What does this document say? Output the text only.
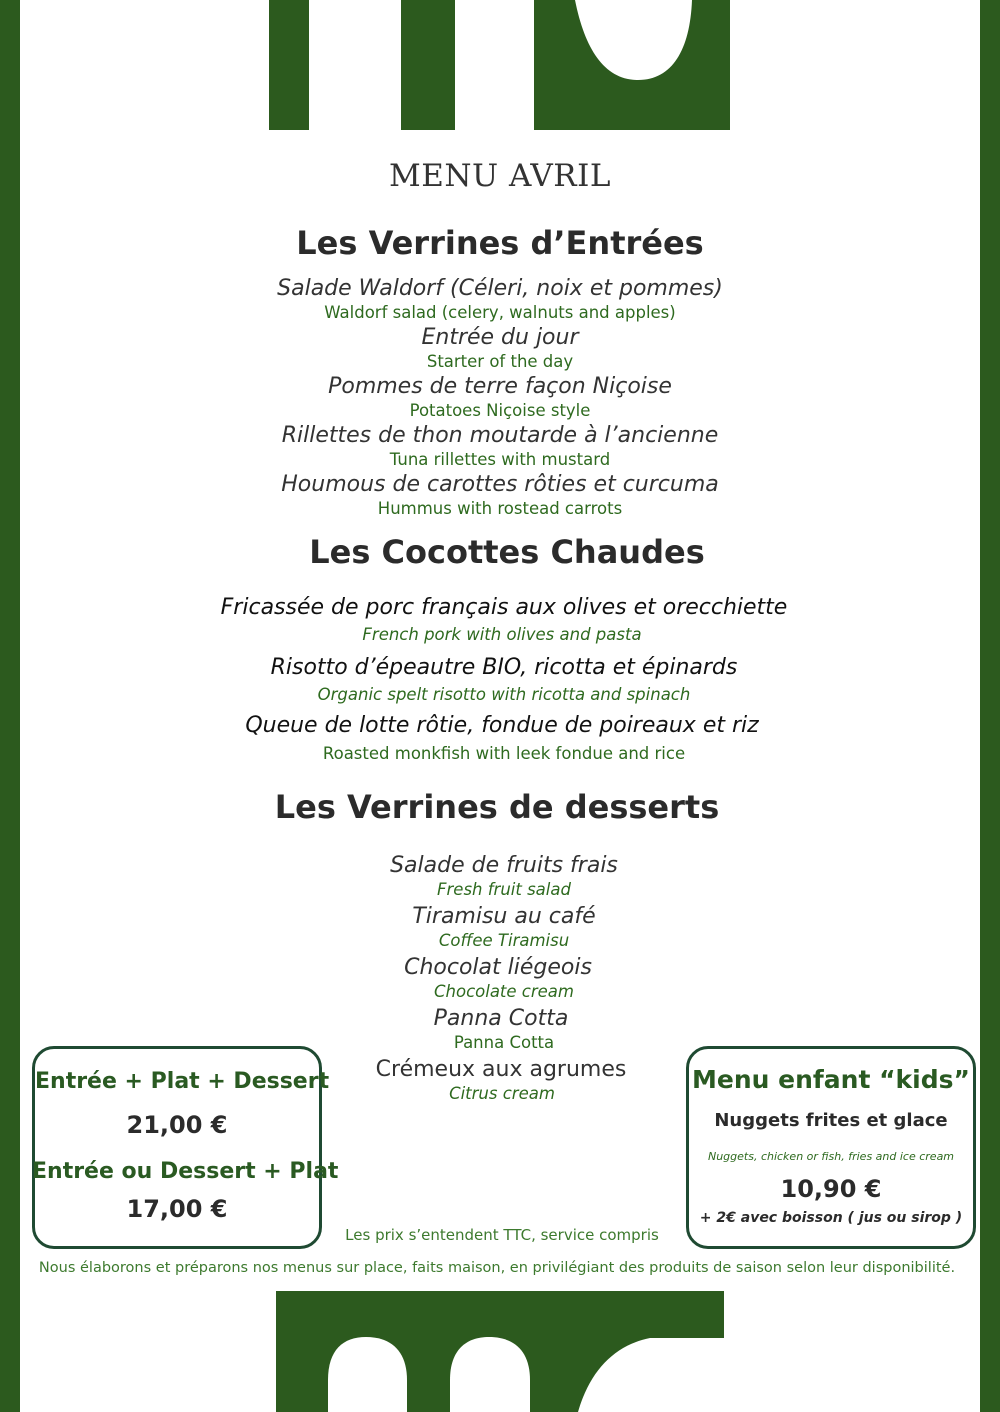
MENU AVRIL
Les Verrines d’Entrées
Salade Waldorf (Céleri, noix et pommes)
Waldorf salad (celery, walnuts and apples)
Entrée du jour
Starter of the day
Pommes de terre façon Niçoise
Potatoes Niçoise style
Rillettes de thon moutarde à l’ancienne
Tuna rillettes with mustard
Houmous de carottes rôties et curcuma
Hummus with rostead carrots
Les Cocottes Chaudes
Fricassée de porc français aux olives et orecchiette
French pork with olives and pasta
Risotto d’épeautre BIO, ricotta et épinards
Organic spelt risotto with ricotta and spinach
Queue de lotte rôtie, fondue de poireaux et riz
Roasted monkfish with leek fondue and rice
Les Verrines de desserts
Salade de fruits frais
Fresh fruit salad
Tiramisu au café
Coffee Tiramisu
Chocolat liégeois
Chocolate cream
Panna Cotta
Panna Cotta
Crémeux aux agrumes
Citrus cream
Entrée + Plat + Dessert
21,00 €
Entrée ou Dessert + Plat
17,00 €
Menu enfant “kids”
Nuggets frites et glace
Nuggets, chicken or fish, fries and ice cream
10,90 €
+ 2€ avec boisson ( jus ou sirop )
Les prix s’entendent TTC, service compris
Nous élaborons et préparons nos menus sur place, faits maison, en privilégiant des produits de saison selon leur disponibilité.
